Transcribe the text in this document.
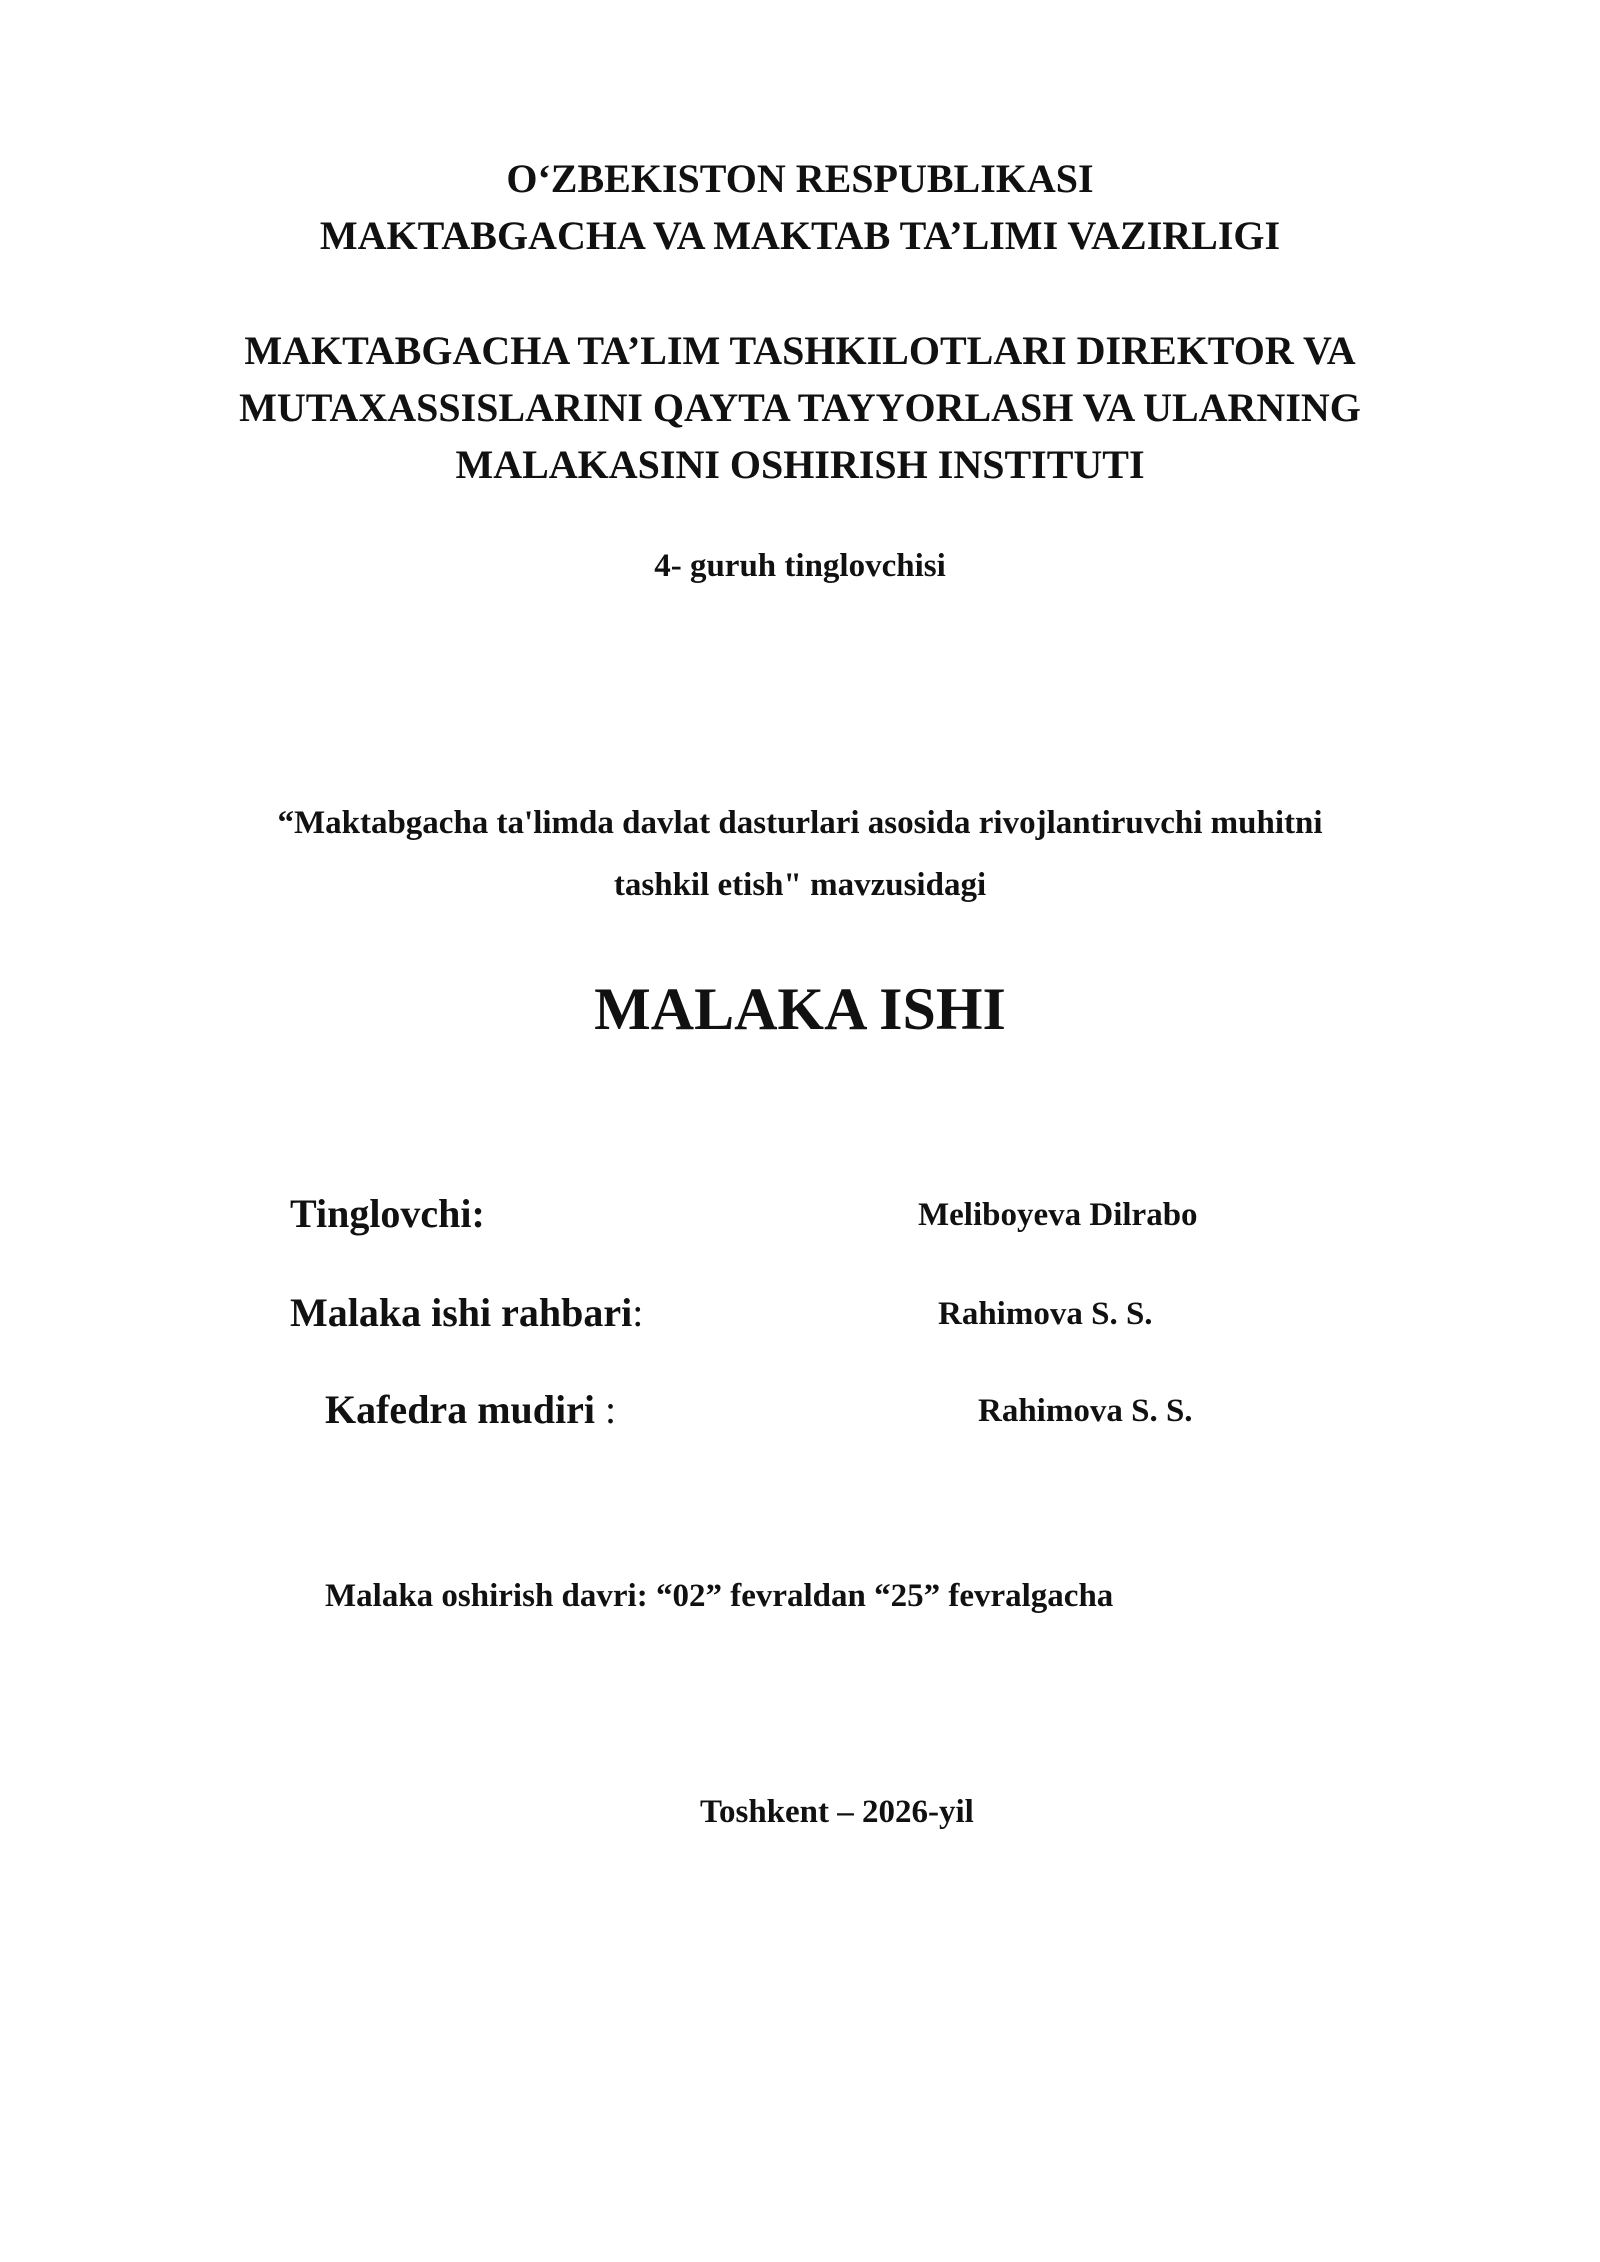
O‘ZBEKISTON RESPUBLIKASI
MAKTABGACHA VA MAKTAB TA’LIMI VAZIRLIGI
MAKTABGACHA TA’LIM TASHKILOTLARI DIREKTOR VA
MUTAXASSISLARINI QAYTA TAYYORLASH VA ULARNING
MALAKASINI OSHIRISH INSTITUTI
4- guruh tinglovchisi
“Maktabgacha ta'limda davlat dasturlari asosida rivojlantiruvchi muhitni
tashkil etish" mavzusidagi
MALAKA ISHI
Tinglovchi:	Meliboyeva Dilrabo
Malaka ishi rahbari:	Rahimova S. S.
Kafedra mudiri :	Rahimova S. S.
Malaka oshirish davri: “02” fevraldan “25” fevralgacha
Toshkent – 2026-yil
